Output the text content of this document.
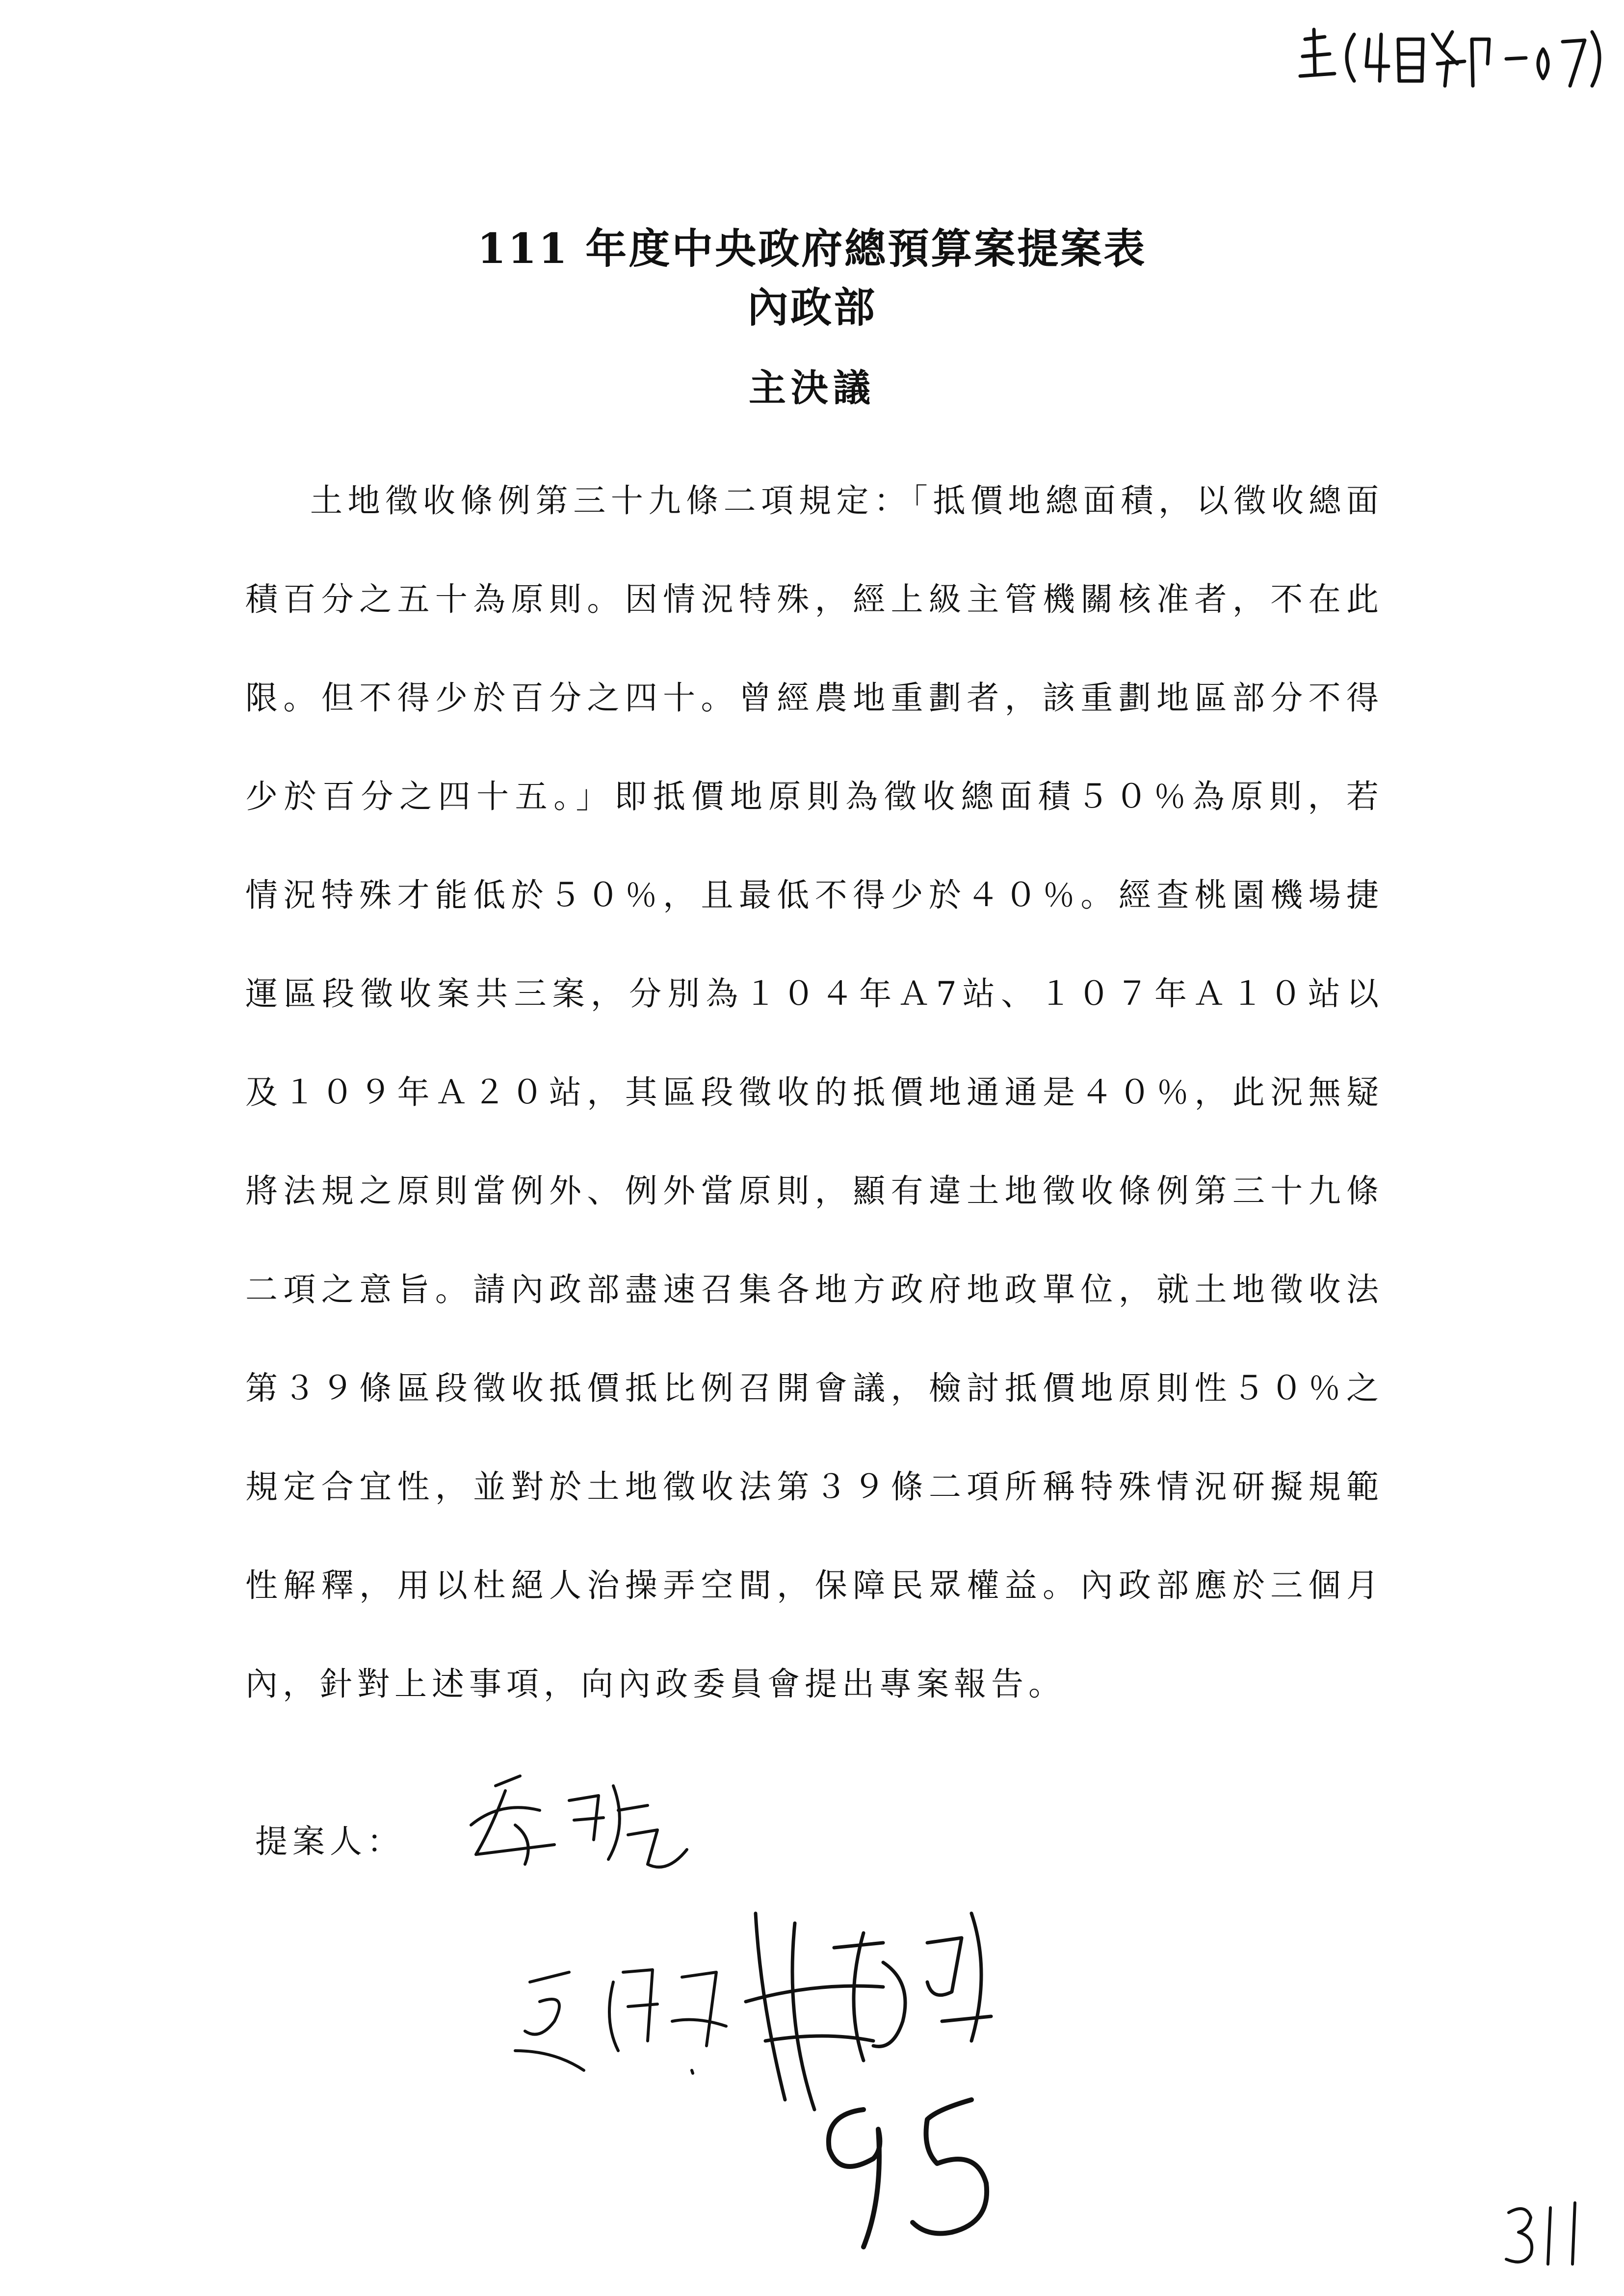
111 年度中央政府總預算案提案表
內政部
主決議
土地徵收條例第三十九條二項規定：「抵價地總面積，以徵收總面積百分之五十為原則。因情況特殊，經上級主管機關核准者，不在此限。但不得少於百分之四十。曾經農地重劃者，該重劃地區部分不得少於百分之四十五。」即抵價地原則為徵收總面積５０％為原則，若情況特殊才能低於５０％，且最低不得少於４０％。經查桃園機場捷運區段徵收案共三案，分別為１０４年Ａ7站、１０７年Ａ１０站以及１０９年Ａ２０站，其區段徵收的抵價地通通是４０％，此況無疑將法規之原則當例外、例外當原則，顯有違土地徵收條例第三十九條二項之意旨。請內政部盡速召集各地方政府地政單位，就土地徵收法第３９條區段徵收抵價抵比例召開會議，檢討抵價地原則性５０％之規定合宜性，並對於土地徵收法第３９條二項所稱特殊情況研擬規範性解釋，用以杜絕人治操弄空間，保障民眾權益。內政部應於三個月內，針對上述事項，向內政委員會提出專案報告。
提案人：
